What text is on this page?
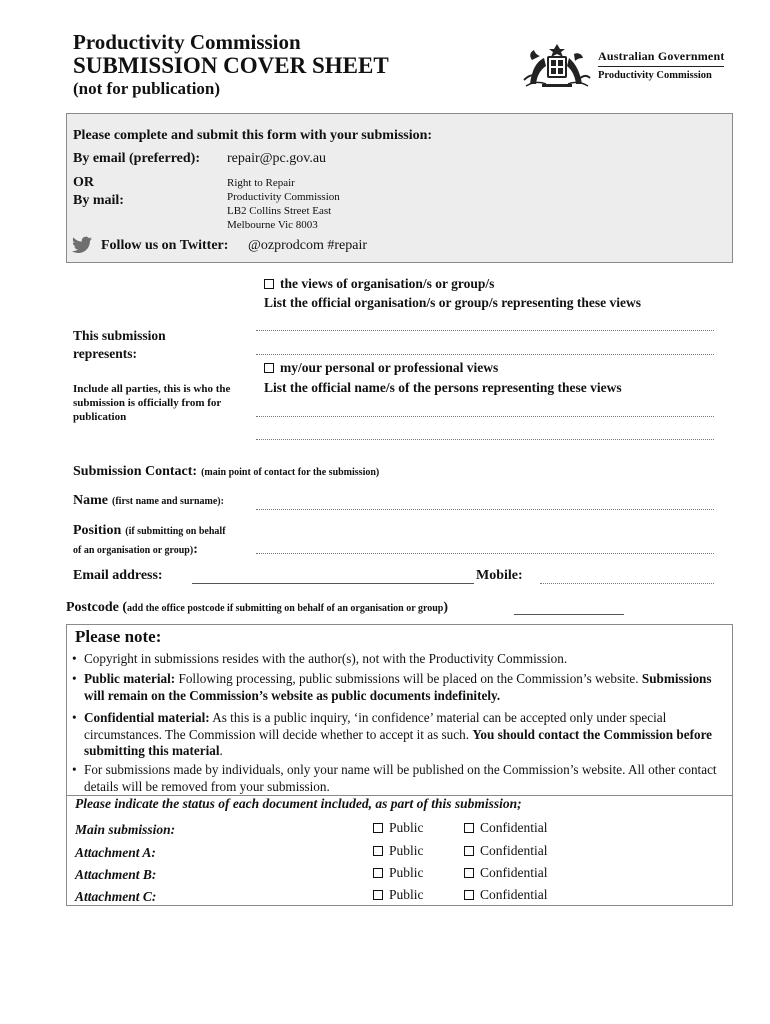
Productivity Commission
SUBMISSION COVER SHEET
(not for publication)
Australian Government
Productivity Commission
Please complete and submit this form with your submission:
By email (preferred): repair@pc.gov.au
OR
By mail:
Right to Repair
Productivity Commission
LB2 Collins Street East
Melbourne Vic 8003
Follow us on Twitter: @ozprodcom #repair
the views of organisation/s or group/s
List the official organisation/s or group/s representing these views
This submission
represents:
Include all parties, this is who the submission is officially from for publication
my/our personal or professional views
List the official name/s of the persons representing these views
Submission Contact: (main point of contact for the submission)
Name (first name and surname):
Position (if submitting on behalf
of an organisation or group):
Email address:	Mobile:
Postcode (add the office postcode if submitting on behalf of an organisation or group)
Please note:
• Copyright in submissions resides with the author(s), not with the Productivity Commission.
• Public material: Following processing, public submissions will be placed on the Commission’s website. Submissions will remain on the Commission’s website as public documents indefinitely.
• Confidential material: As this is a public inquiry, ‘in confidence’ material can be accepted only under special circumstances. The Commission will decide whether to accept it as such. You should contact the Commission before submitting this material.
• For submissions made by individuals, only your name will be published on the Commission’s website. All other contact details will be removed from your submission.
Please indicate the status of each document included, as part of this submission;
Main submission:	Public	Confidential
Attachment A:	Public	Confidential
Attachment B:	Public	Confidential
Attachment C:	Public	Confidential
